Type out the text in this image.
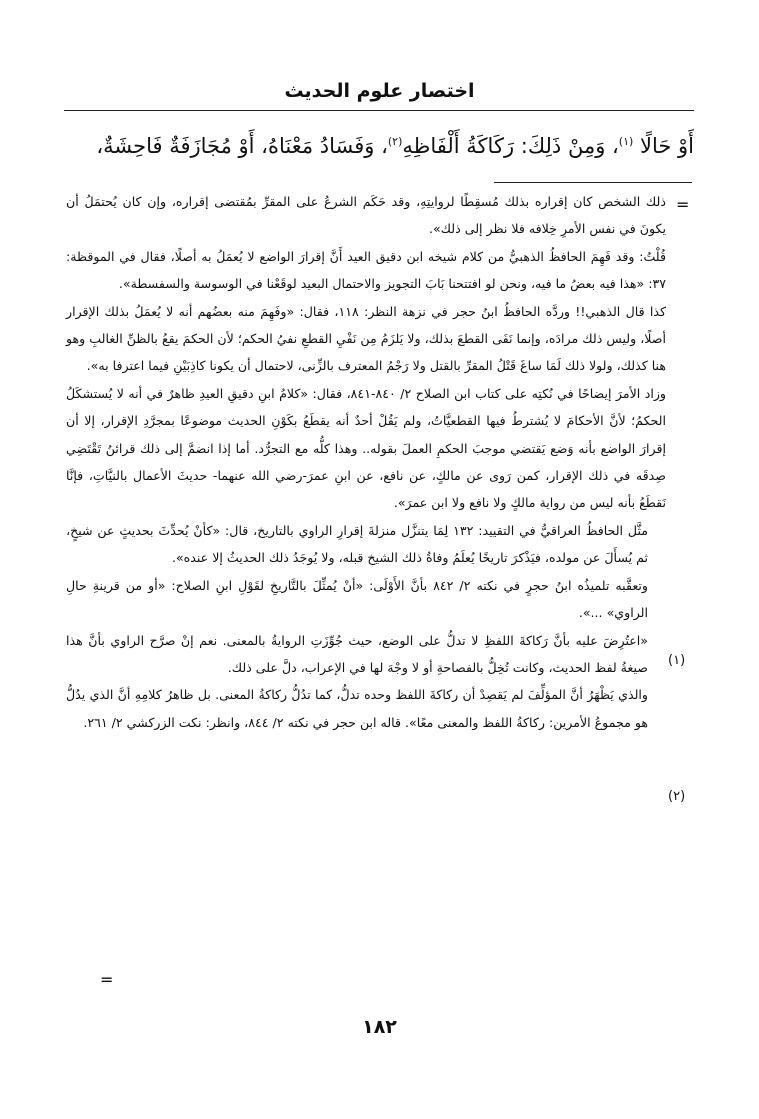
اختصار علوم الحديث
أَوْ حَالًا $^{(١)}$، وَمِنْ ذَلِكَ: رَكَاكَةُ أَلْفَاظِهِ$^{(٢)}$، وَفَسَادُ مَعْنَاهُ، أَوْ مُجَازَفَةٌ فَاحِشَةٌ،
=
(١)
(٢)

ذلك الشخص كان إقراره بذلك مُسقِطًا لروايتِهِ، وقد حَكَم الشرعُ على المقرِّ بمُقتضى إقراره، وإن كان يُحتمَلُ أن يكونَ في نفس الأمرِ خِلافه فلا نظر إلى ذلك».

قُلْتُ: وقد فَهِمَ الحافظُ الذهبيُّ من كلام شيخه ابن دقيق العيد أَنَّ إقرارَ الواضع لا يُعمَلُ به أصلًا، فقال في الموقظة: ٣٧: «هذا فيه بعضُ ما فيه، ونحن لو افتتحنا بَابَ التجويز والاحتمال البعيد لوقَعْنا في الوسوسة والسفسطة».

كذا قال الذهبي!! وردَّه الحافظُ ابنُ حجر في نزهة النظر: ١١٨، فقال: «وفَهِمَ منه بعضُهم أنه لا يُعمَلُ بذلك الإقرار أصلًا، وليس ذلك مرادَه، وإنما نَفَى القطعَ بذلك، ولا يَلزَمُ مِن نَفْيِ القطعِ نفيُ الحكم؛ لأن الحكمَ يقعُ بالظنِّ الغالبِ وهو هنا كذلك، ولولا ذلك لَمَا ساغَ قَتْلُ المقرِّ بالقتل ولا رَجْمُ المعترف بالزِّنى، لاحتمال أن يكونا كاذِبَيْنِ فيما اعترفا به».

وزاد الأمرَ إيضاحًا في نُكتِه على كتاب ابن الصلاح ٢/ ٨٤٠-٨٤١، فقال: «كلامُ ابنِ دقيقِ العيدِ ظاهرٌ في أنه لا يُستشكَلُ الحكمُ؛ لأنَّ الأحكامَ لا يُشترطُ فيها القطعيَّاتُ، ولم يَقُلْ أحدٌ أنه يقطَعُ بكَوْنِ الحديث موضوعًا بمجرَّدِ الإقرار، إلا أن إقرارَ الواضع بأنه وَضع يَقتضي موجبَ الحكمِ العملَ بقوله.. وهذا كلُّه مع التجرُّد. أما إذا انضمَّ إلى ذلك قرائنُ تَقْتَضِي صِدقَه في ذلك الإقرار، كمن رَوى عن مالكٍ، عن نافع، عن ابنِ عمرَ-رضي الله عنهما- حديثَ الأعمال بالنيَّاتِ، فإنَّا نَقطَعُ بأنه ليس من رواية مالكٍ ولا نافع ولا ابن عمرَ».

مثَّل الحافظُ العراقيُّ في التقييد: ١٣٢ لِمَا يتنزَّل منزلةَ إقرارِ الراوي بالتاريخ، قال: «كأنْ يُحدِّثَ بحديثٍ عن شيخٍ، ثم يُسأَلَ عن مولده، فيَذْكرَ تاريخًا يُعلَمُ وفاةُ ذلك الشيخ قبله، ولا يُوجَدُ ذلك الحديثُ إلا عنده».

وتعقَّبه تلميذُه ابنُ حجرٍ في نكته ٢/ ٨٤٢ بأنَّ الأَوْلَى: «أنْ يُمثِّلَ بالتَّاريخِ لقَوْلِ ابنِ الصلاح: «أو من قرينةِ حالِ الراوي» ...».

«اعتُرِضَ عليه بأنَّ رَكاكةَ اللفظِ لا تدلُّ على الوضع، حيث جُوِّزَتِ الروايةُ بالمعنى. نعم إنْ صرَّح الراوي بأنَّ هذا صيغةُ لفظ الحديث، وكانت تُخِلُّ بالفصاحةِ أو لا وجْهَ لها في الإعراب، دلَّ على ذلك.

والذي يَظْهَرُ أنَّ المؤلِّفَ لم يَقصِدْ أن ركاكةَ اللفظ وحده تدلُّ، كما تدُلُّ ركاكةُ المعنى. بل ظاهرُ كلامِهِ أنَّ الذي يدُلُّ هو مجموعُ الأمرين: ركاكةُ اللفظ والمعنى معًا». قاله ابن حجر في نكته ٢/ ٨٤٤، وانظر: نكت الزركشي ٢/ ٢٦١.

=
١٨٢
